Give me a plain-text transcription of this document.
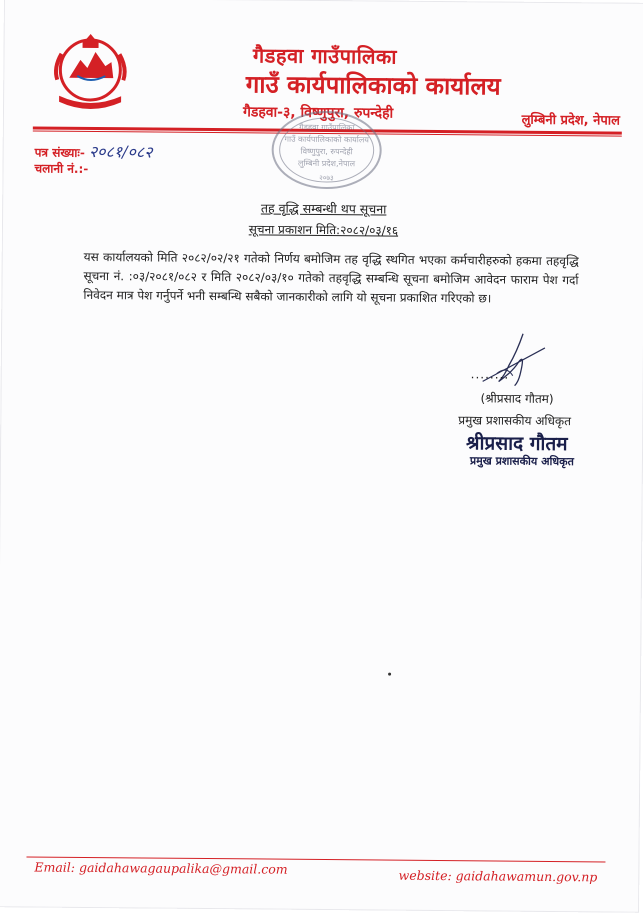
गैडहवा गाउँपालिका
गाउँ कार्यपालिकाको कार्यालय
गैडहवा-३, विष्णुपुरा, रुपन्देही	लुम्बिनी प्रदेश, नेपाल
पत्र संख्याः- २०८१/०८२
चलानी नं.:-
गैडहवा गाउँपालिका
गाउँ कार्यपालिकाको कार्यालय
विष्णुपुरा, रुपन्देही
लुम्बिनी प्रदेश,नेपाल
२०७३
तह वृद्धि सम्बन्धी थप सूचना
सूचना प्रकाशन मिति:२०८२/०३/१६
यस कार्यालयको मिति २०८२/०२/२१ गतेको निर्णय बमोजिम तह वृद्धि स्थगित भएका कर्मचारीहरुको हकमा तहवृद्धि सूचना नं. :०३/२०८१/०८२ र मिति २०८२/०३/१० गतेको तहवृद्धि सम्बन्धि सूचना बमोजिम आवेदन फाराम पेश गर्दा निवेदन मात्र पेश गर्नुपर्ने भनी सम्बन्धि सबैको जानकारीको लागि यो सूचना प्रकाशित गरिएको छ।
........
(श्रीप्रसाद गौतम)
प्रमुख प्रशासकीय अधिकृत
श्रीप्रसाद गौतम
प्रमुख प्रशासकीय अधिकृत
Email: gaidahawagaupalika@gmail.com	website: gaidahawamun.gov.np
